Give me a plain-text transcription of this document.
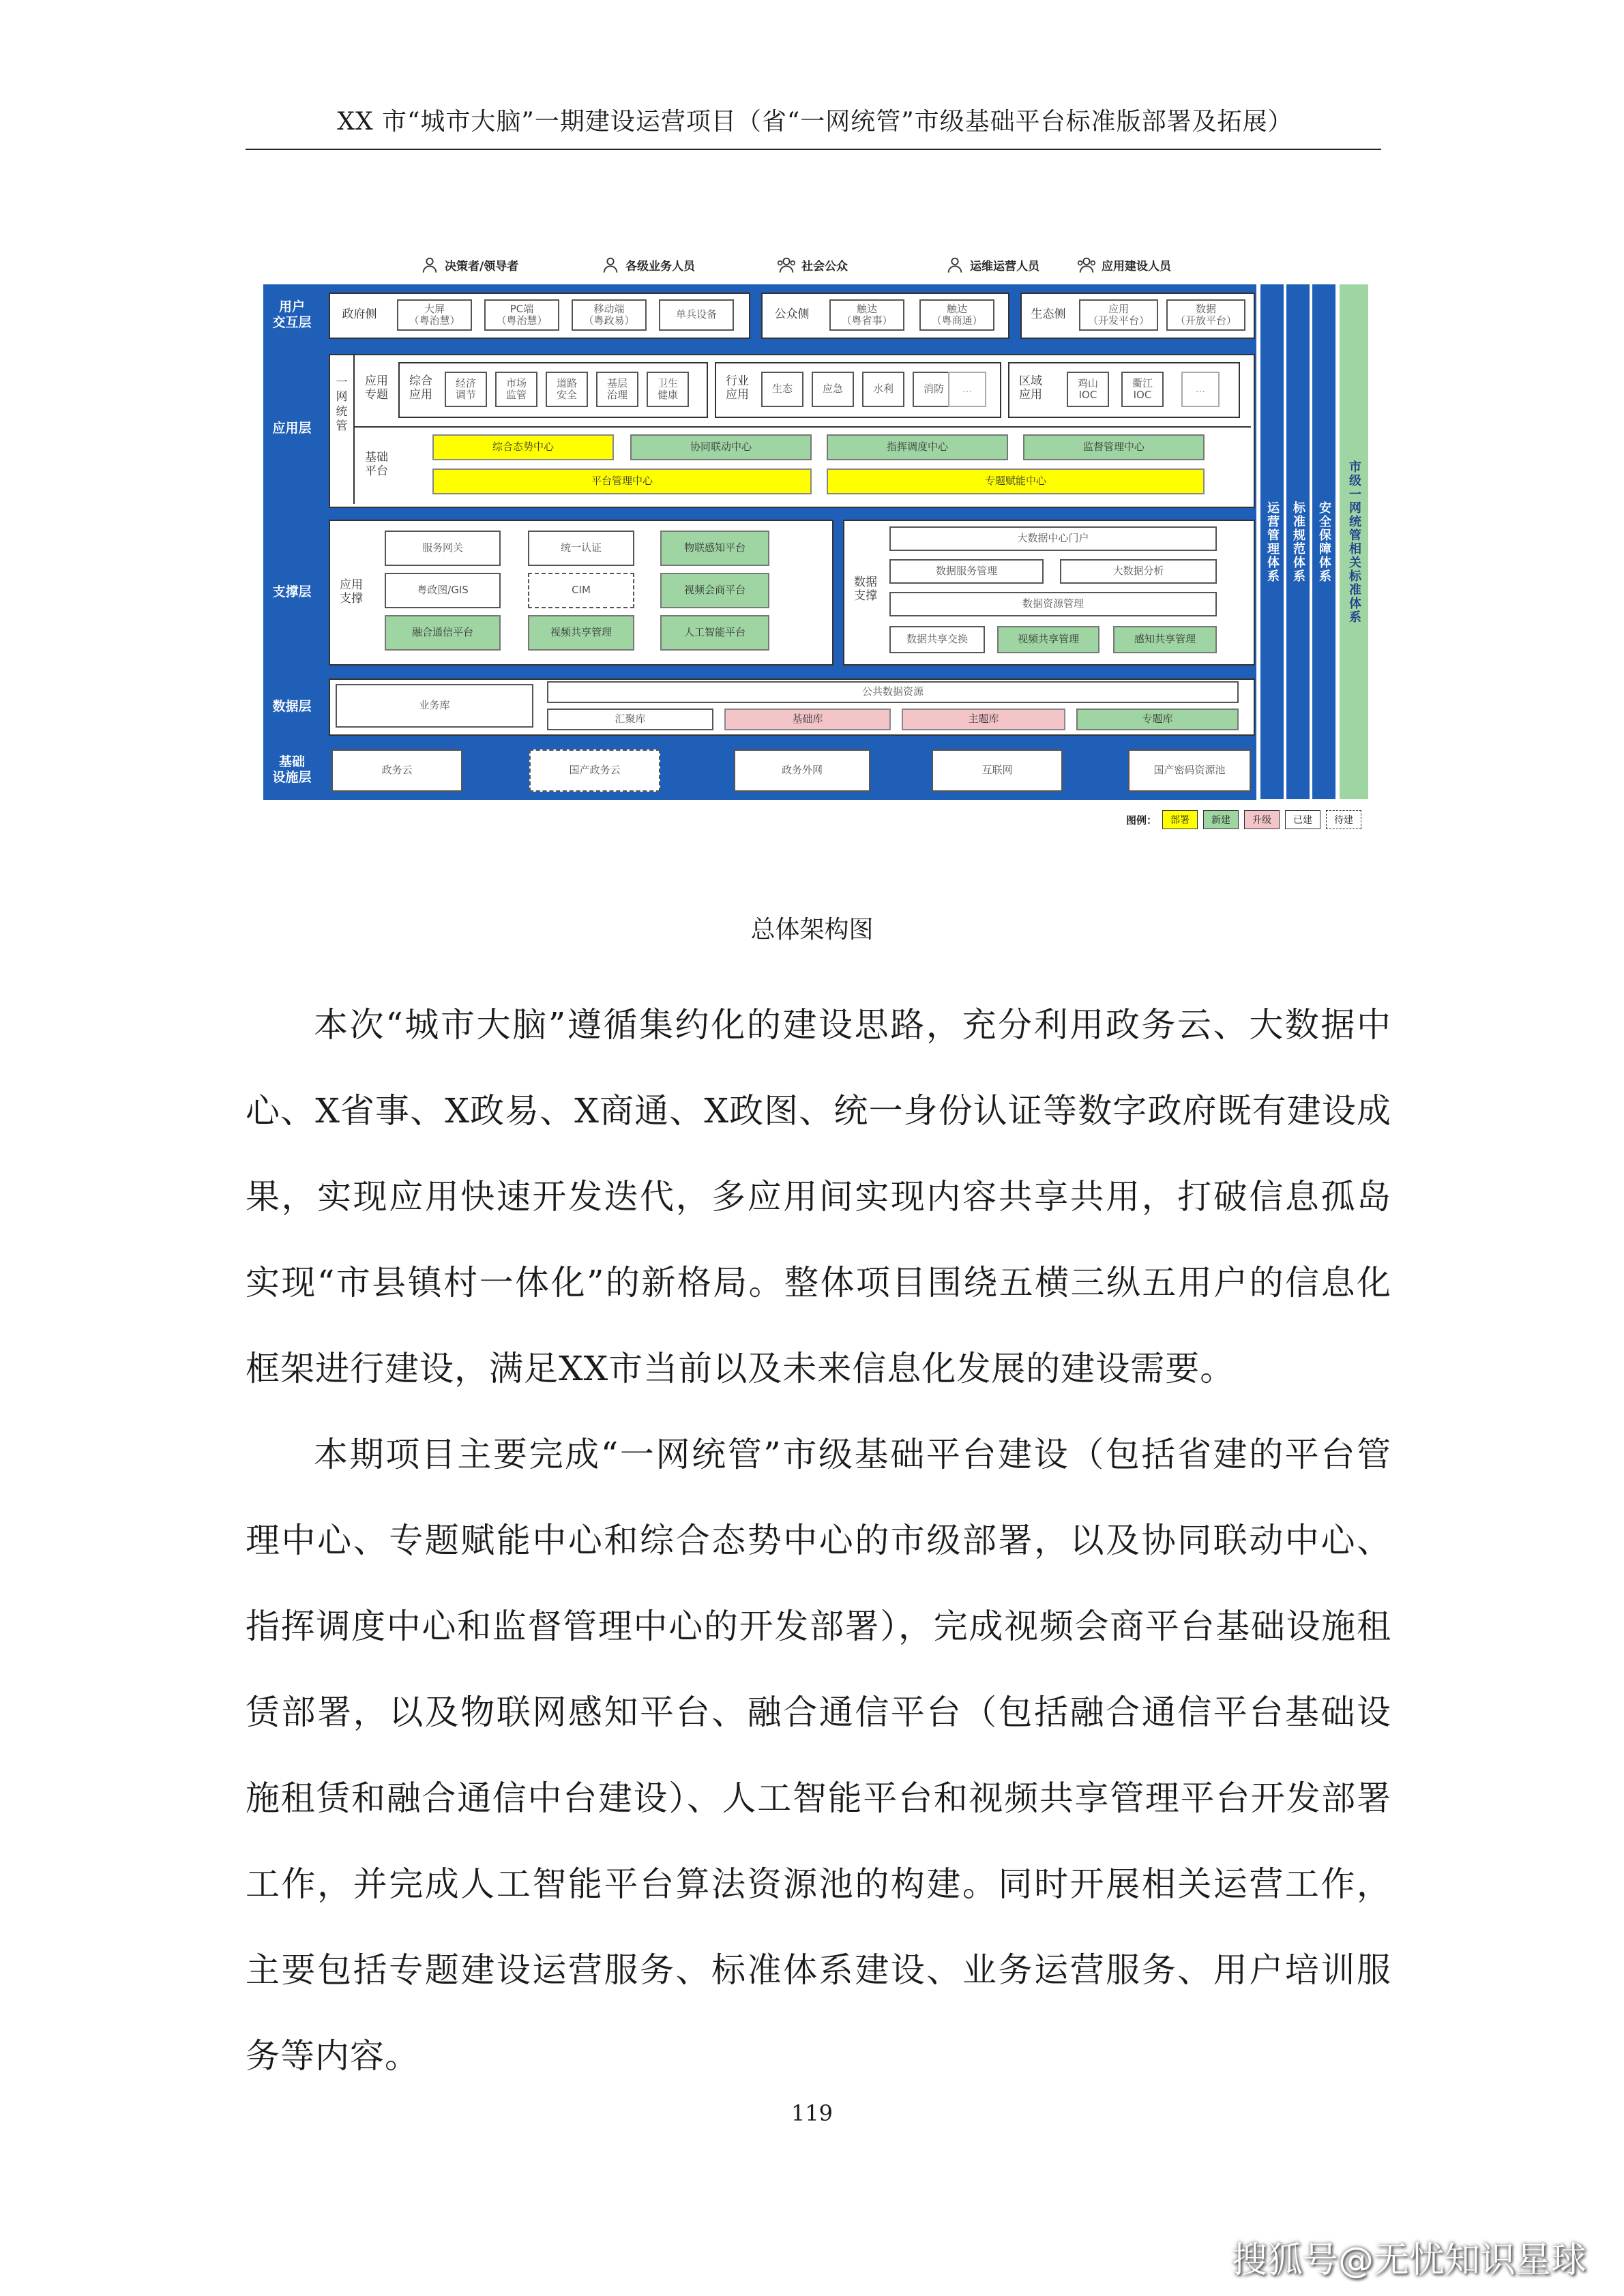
XX 市“城市大脑”一期建设运营项目（省“一网统管”市级基础平台标准版部署及拓展）
决策者/领导者	各级业务人员	社会公众	运维运营人员	应用建设人员
用户
交互层
政府侧	大屏
（粤治慧）
PC端
（粤治慧）
移动端
（粤政易）	单兵设备	公众侧	触达
（粤省事）
触达
（粤商通）	生态侧	应用
（开发平台）
数据
（开放平台）
应用层
一
网
统
管
应用
专题
综合
应用
经济
调节
市场
监管
道路
安全
基层
治理
卫生
健康
行业
应用	生态	应急	水利	消防	...
区域
应用
鸡山
IOC
衢江
IOC	...
基础
平台
综合态势中心	协同联动中心	指挥调度中心	监督管理中心
平台管理中心	专题赋能中心
支撑层	应用
支撑
服务网关	统一认证	物联感知平台
粤政图/GIS	CIM	视频会商平台
融合通信平台	视频共享管理	人工智能平台
数据
支撑
大数据中心门户
数据服务管理	大数据分析
数据资源管理
数据共享交换	视频共享管理	感知共享管理
数据层	业务库
公共数据资源
汇聚库	基础库	主题库	专题库
基础
设施层	政务云	国产政务云	政务外网	互联网	国产密码资源池
运营管理体系 标准规范体系 安全保障体系 市级一网统管相关标准体系
图例：	部署	新建	升级	已建	待建
总体架构图

本次“城市大脑”遵循集约化的建设思路，充分利用政务云、大数据中心、X省事、X政易、X商通、X政图、统一身份认证等数字政府既有建设成果，实现应用快速开发迭代，多应用间实现内容共享共用，打破信息孤岛实现“市县镇村一体化”的新格局。整体项目围绕五横三纵五用户的信息化框架进行建设，满足XX市当前以及未来信息化发展的建设需要。

本期项目主要完成“一网统管”市级基础平台建设（包括省建的平台管理中心、专题赋能中心和综合态势中心的市级部署，以及协同联动中心、指挥调度中心和监督管理中心的开发部署），完成视频会商平台基础设施租赁部署，以及物联网感知平台、融合通信平台（包括融合通信平台基础设施租赁和融合通信中台建设）、人工智能平台和视频共享管理平台开发部署工作，并完成人工智能平台算法资源池的构建。同时开展相关运营工作，主要包括专题建设运营服务、标准体系建设、业务运营服务、用户培训服务等内容。

119
搜狐号@无忧知识星球
